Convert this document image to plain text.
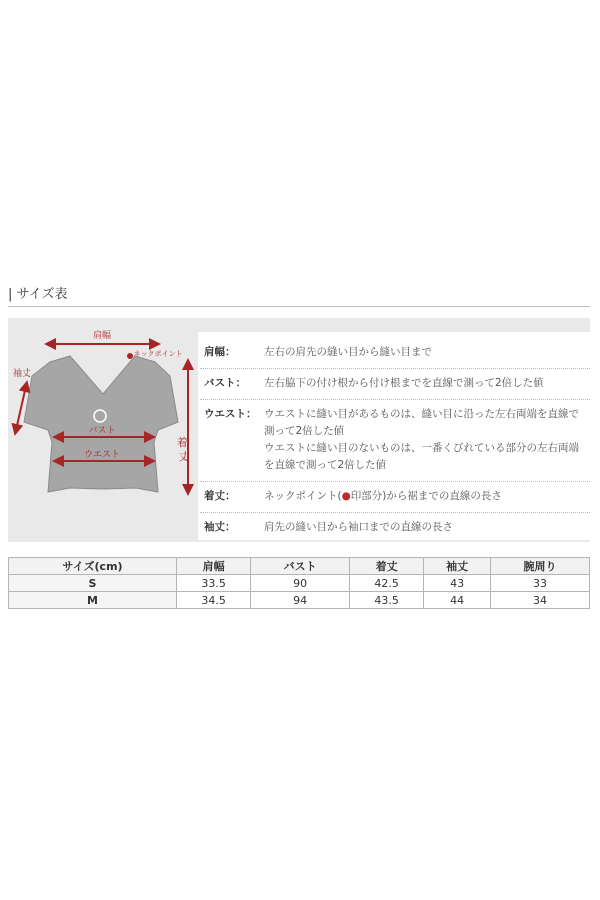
| サイズ表
肩幅
ネックポイント
袖丈
バスト
ウエスト
着 丈
肩幅：	左右の肩先の縫い目から縫い目まで
バスト： 左右脇下の付け根から付け根までを直線で測って2倍した値
ウエスト： ウエストに縫い目があるものは、縫い目に沿った左右両端を直線で
測って2倍した値
ウエストに縫い目のないものは、一番くびれている部分の左右両端
を直線で測って2倍した値
着丈：	ネックポイント(●印部分)から裾までの直線の長さ
袖丈：	肩先の縫い目から袖口までの直線の長さ
サイズ(cm)	肩幅	バスト	着丈	袖丈	腕周り
S	33.5	90	42.5	43	33
M	34.5	94	43.5	44	34
